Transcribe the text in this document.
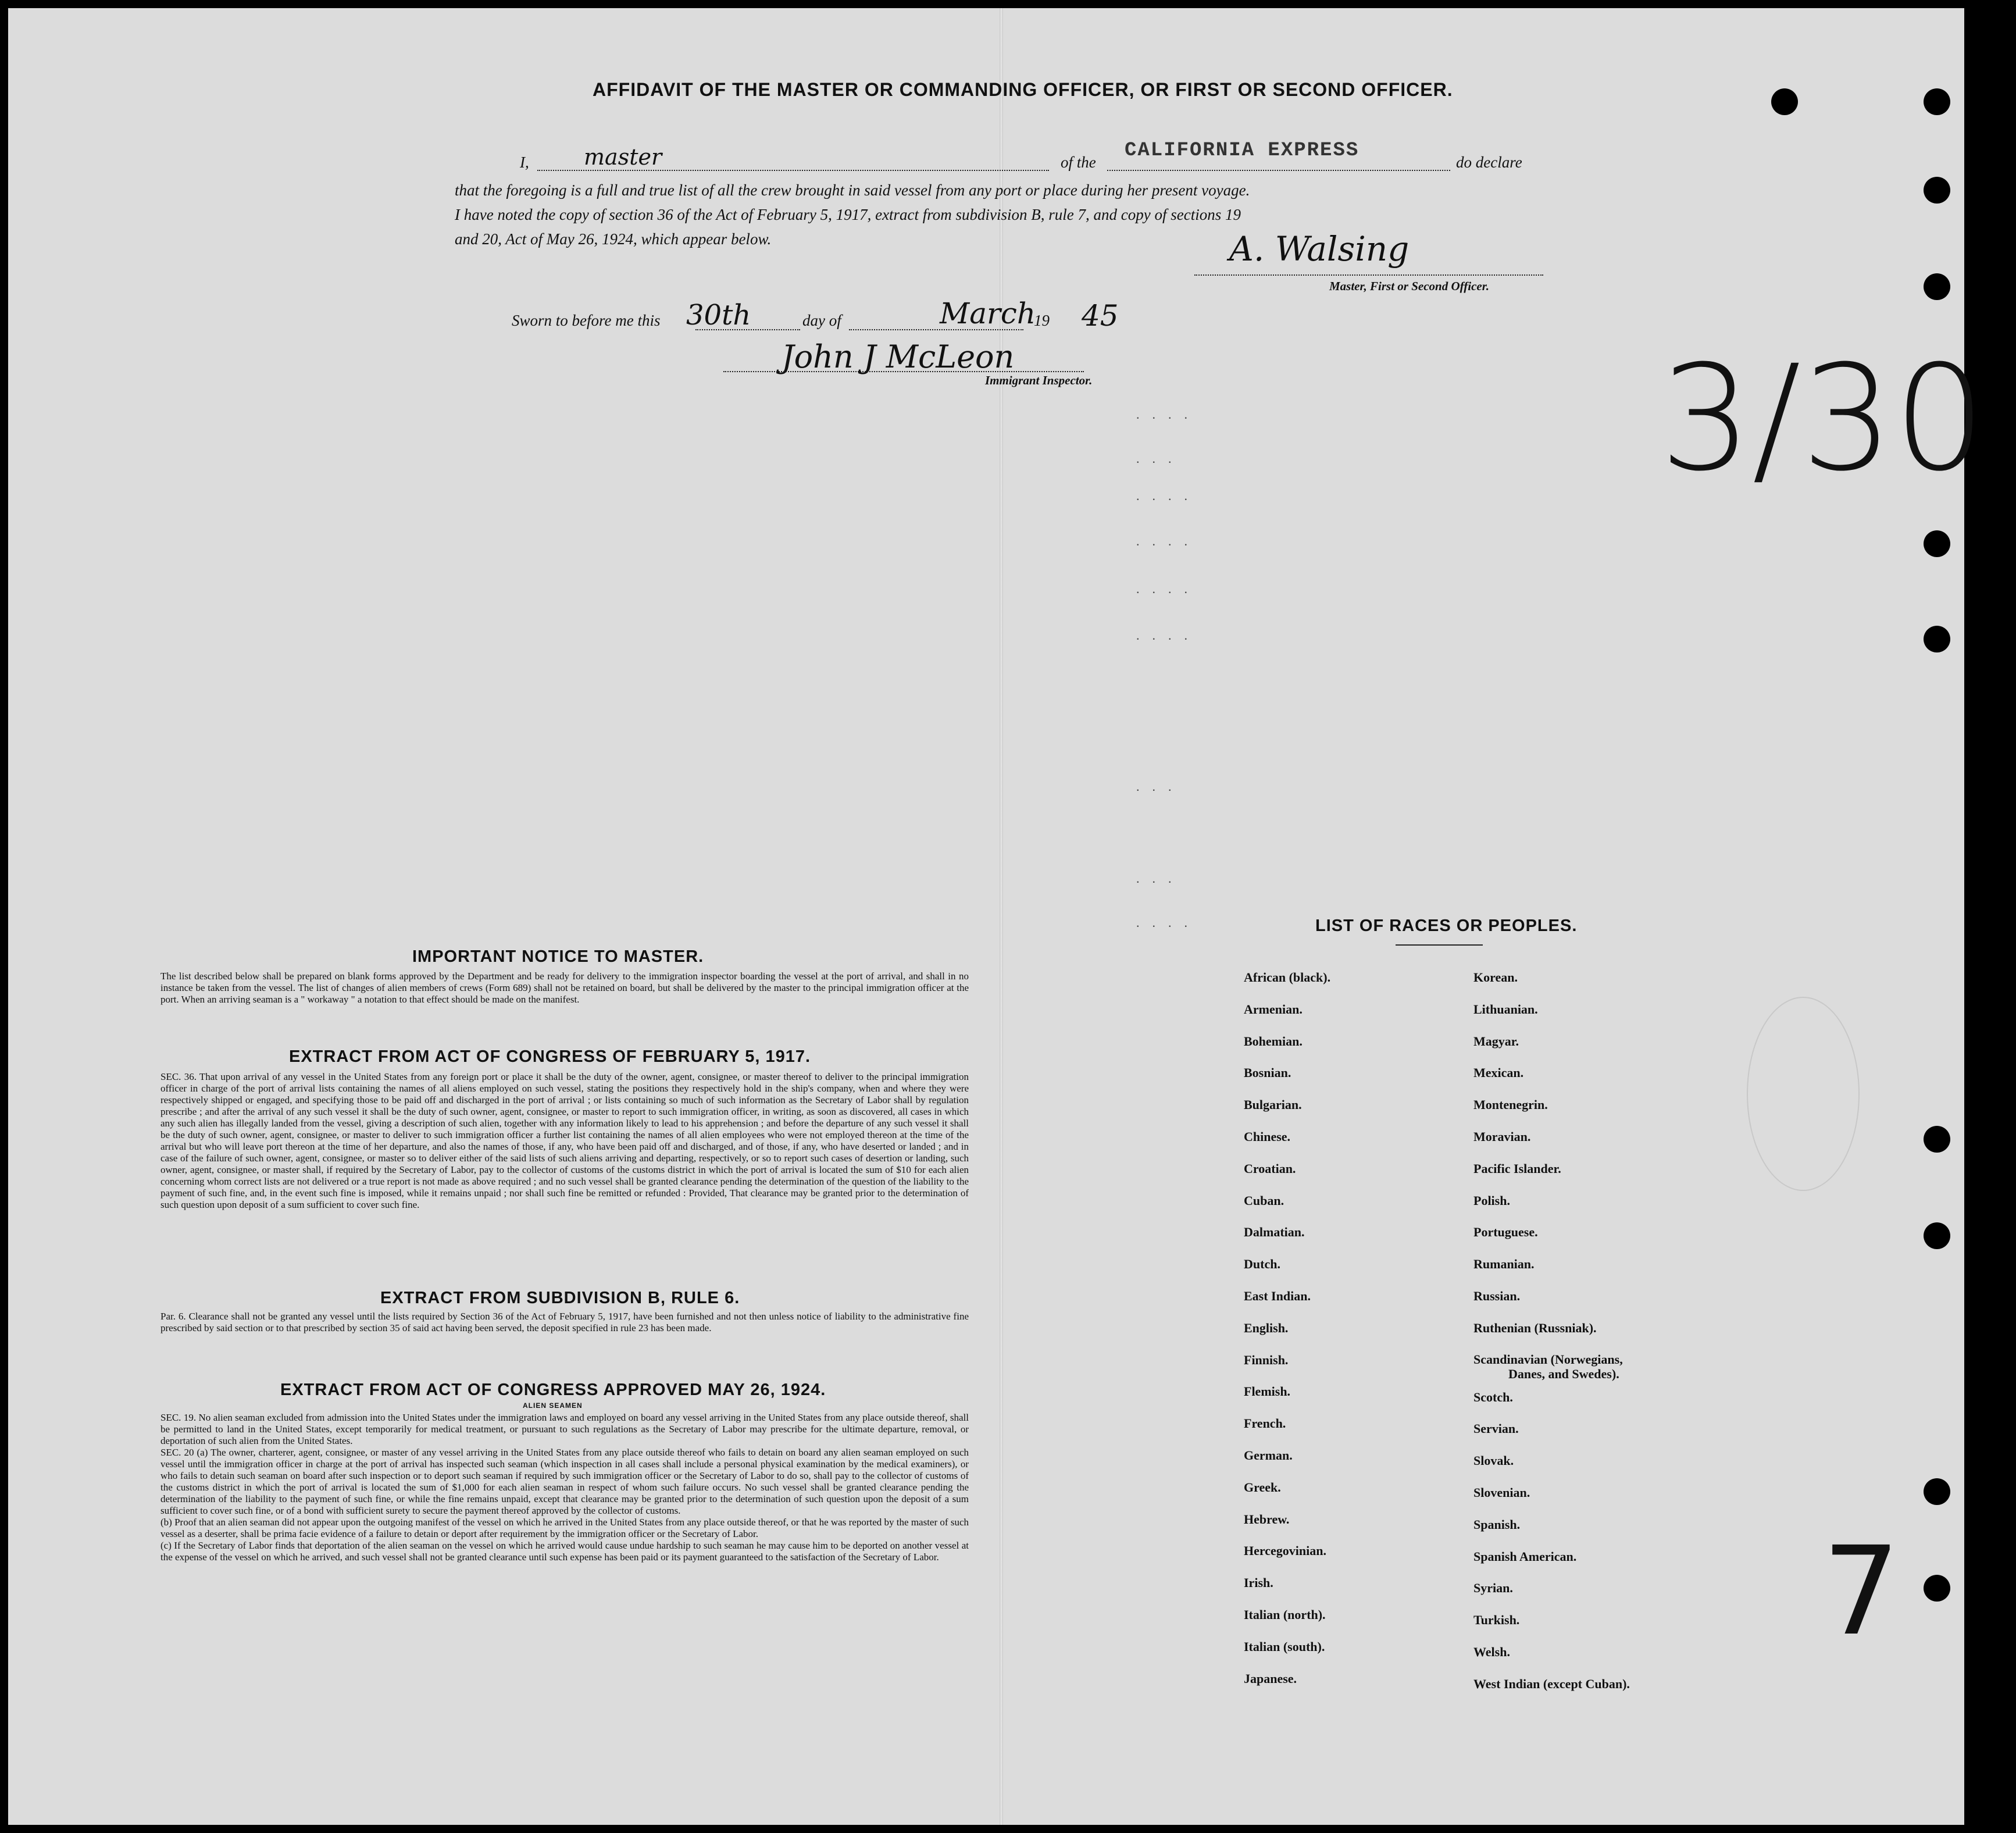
....
...
....
....
....
....
...
...
....
AFFIDAVIT OF THE MASTER OR COMMANDING OFFICER, OR FIRST OR SECOND OFFICER.
I, master	of the
CALIFORNIA EXPRESS
do declare
that the foregoing is a full and true list of all the crew brought in said vessel from any port or place during her present voyage.
I have noted the copy of section 36 of the Act of February 5, 1917, extract from subdivision B, rule 7, and copy of sections 19
and 20, Act of May 26, 1924, which appear below.	A. Walsing
Master, First or Second Officer.
Sworn to before me this 30th	day of	March
19 45
John J McLeon
Immigrant Inspector.	3/30
7
IMPORTANT NOTICE TO MASTER.
The list described below shall be prepared on blank forms approved by the Department and be ready for delivery to the immigration inspector boarding the vessel at the port of arrival, and shall in no instance be taken from the vessel. The list of changes of alien members of crews (Form 689) shall not be retained on board, but shall be delivered by the master to the principal immigration officer at the port. When an arriving seaman is a " workaway " a notation to that effect should be made on the manifest.
EXTRACT FROM ACT OF CONGRESS OF FEBRUARY 5, 1917.
SEC. 36. That upon arrival of any vessel in the United States from any foreign port or place it shall be the duty of the owner, agent, consignee, or master thereof to deliver to the principal immigration officer in charge of the port of arrival lists containing the names of all aliens employed on such vessel, stating the positions they respectively hold in the ship's company, when and where they were respectively shipped or engaged, and specifying those to be paid off and discharged in the port of arrival ; or lists containing so much of such information as the Secretary of Labor shall by regulation prescribe ; and after the arrival of any such vessel it shall be the duty of such owner, agent, consignee, or master to report to such immigration officer, in writing, as soon as discovered, all cases in which any such alien has illegally landed from the vessel, giving a description of such alien, together with any information likely to lead to his apprehension ; and before the departure of any such vessel it shall be the duty of such owner, agent, consignee, or master to deliver to such immigration officer a further list containing the names of all alien employees who were not employed thereon at the time of the arrival but who will leave port thereon at the time of her departure, and also the names of those, if any, who have been paid off and discharged, and of those, if any, who have deserted or landed ; and in case of the failure of such owner, agent, consignee, or master so to deliver either of the said lists of such aliens arriving and departing, respectively, or so to report such cases of desertion or landing, such owner, agent, consignee, or master shall, if required by the Secretary of Labor, pay to the collector of customs of the customs district in which the port of arrival is located the sum of $10 for each alien concerning whom correct lists are not delivered or a true report is not made as above required ; and no such vessel shall be granted clearance pending the determination of the question of the liability to the payment of such fine, and, in the event such fine is imposed, while it remains unpaid ; nor shall such fine be remitted or refunded : Provided, That clearance may be granted prior to the determination of such question upon deposit of a sum sufficient to cover such fine.
EXTRACT FROM SUBDIVISION B, RULE 6.
Par. 6. Clearance shall not be granted any vessel until the lists required by Section 36 of the Act of February 5, 1917, have been furnished and not then unless notice of liability to the administrative fine prescribed by said section or to that prescribed by section 35 of said act having been served, the deposit specified in rule 23 has been made.
EXTRACT FROM ACT OF CONGRESS APPROVED MAY 26, 1924.
ALIEN SEAMEN
SEC. 19. No alien seaman excluded from admission into the United States under the immigration laws and employed on board any vessel arriving in the United States from any place outside thereof, shall be permitted to land in the United States, except temporarily for medical treatment, or pursuant to such regulations as the Secretary of Labor may prescribe for the ultimate departure, removal, or deportation of such alien from the United States.
SEC. 20 (a) The owner, charterer, agent, consignee, or master of any vessel arriving in the United States from any place outside thereof who fails to detain on board any alien seaman employed on such vessel until the immigration officer in charge at the port of arrival has inspected such seaman (which inspection in all cases shall include a personal physical examination by the medical examiners), or who fails to detain such seaman on board after such inspection or to deport such seaman if required by such immigration officer or the Secretary of Labor to do so, shall pay to the collector of customs of the customs district in which the port of arrival is located the sum of $1,000 for each alien seaman in respect of whom such failure occurs. No such vessel shall be granted clearance pending the determination of the liability to the payment of such fine, or while the fine remains unpaid, except that clearance may be granted prior to the determination of such question upon the deposit of a sum sufficient to cover such fine, or of a bond with sufficient surety to secure the payment thereof approved by the collector of customs.
(b) Proof that an alien seaman did not appear upon the outgoing manifest of the vessel on which he arrived in the United States from any place outside thereof, or that he was reported by the master of such vessel as a deserter, shall be prima facie evidence of a failure to detain or deport after requirement by the immigration officer or the Secretary of Labor.
(c) If the Secretary of Labor finds that deportation of the alien seaman on the vessel on which he arrived would cause undue hardship to such seaman he may cause him to be deported on another vessel at the expense of the vessel on which he arrived, and such vessel shall not be granted clearance until such expense has been paid or its payment guaranteed to the satisfaction of the Secretary of Labor.
LIST OF RACES OR PEOPLES.
African (black).
Armenian.
Bohemian.
Bosnian.
Bulgarian.
Chinese.
Croatian.
Cuban.
Dalmatian.
Dutch.
East Indian.
English.
Finnish.
Flemish.
French.
German.
Greek.
Hebrew.
Hercegovinian.
Irish.
Italian (north).
Italian (south).
Japanese.
Korean.
Lithuanian.
Magyar.
Mexican.
Montenegrin.
Moravian.
Pacific Islander.
Polish.
Portuguese.
Rumanian.
Russian.
Ruthenian (Russniak).
Scandinavian (Norwegians,
Danes, and Swedes).
Scotch.
Servian.
Slovak.
Slovenian.
Spanish.
Spanish American.
Syrian.
Turkish.
Welsh.
West Indian (except Cuban).
